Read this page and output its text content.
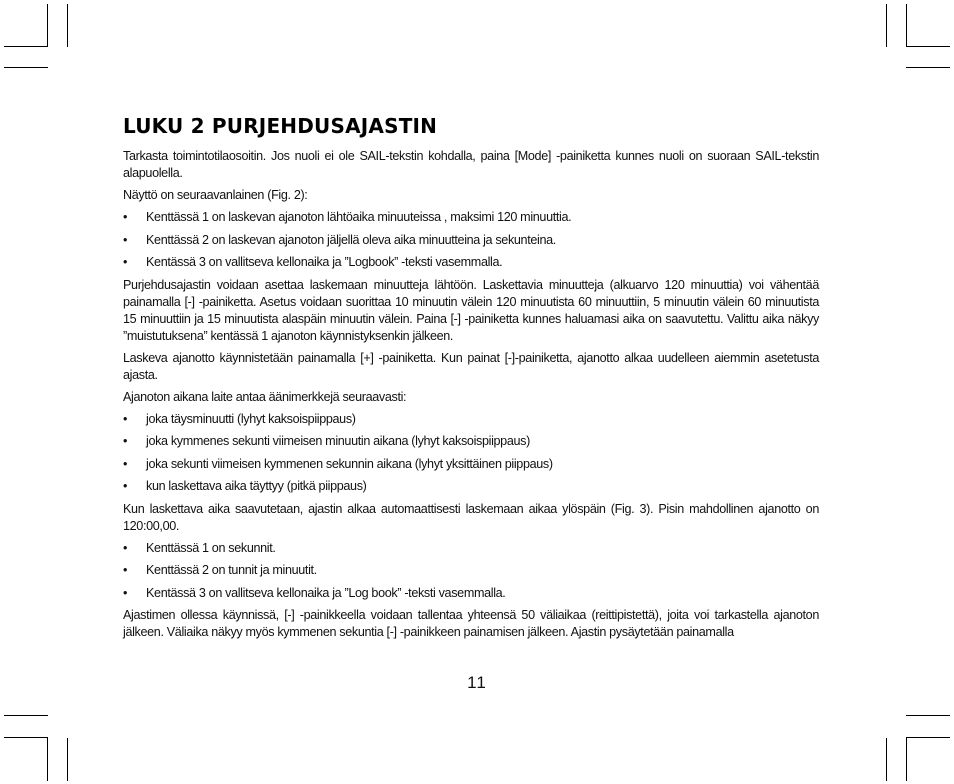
LUKU 2 PURJEHDUSAJASTIN

Tarkasta toimintotilaosoitin. Jos nuoli ei ole SAIL-tekstin kohdalla, paina [Mode] -painiketta kunnes nuoli on suoraan SAIL-tekstin alapuolella.

Näyttö on seuraavanlainen (Fig. 2):

• Kenttässä 1 on laskevan ajanoton lähtöaika minuuteissa , maksimi 120 minuuttia.
• Kenttässä 2 on laskevan ajanoton jäljellä oleva aika minuutteina ja sekunteina.
• Kentässä 3 on vallitseva kellonaika ja ”Logbook” -teksti vasemmalla.

Purjehdusajastin voidaan asettaa laskemaan minuutteja lähtöön. Laskettavia minuutteja (alkuarvo 120 minuuttia) voi vähentää painamalla [-] -painiketta. Asetus voidaan suorittaa 10 minuutin välein 120 minuutista 60 minuuttiin, 5 minuutin välein 60 minuutista 15 minuuttiin ja 15 minuutista alaspäin minuutin välein. Paina [-] -painiketta kunnes haluamasi aika on saavutettu. Valittu aika näkyy ”muistutuksena” kentässä 1 ajanoton käynnistyksenkin jälkeen.

Laskeva ajanotto käynnistetään painamalla [+] -painiketta. Kun painat [-]-painiketta, ajanotto alkaa uudelleen aiemmin asetetusta ajasta.

Ajanoton aikana laite antaa äänimerkkejä seuraavasti:

• joka täysminuutti (lyhyt kaksoispiippaus)
• joka kymmenes sekunti viimeisen minuutin aikana (lyhyt kaksoispiippaus)
• joka sekunti viimeisen kymmenen sekunnin aikana (lyhyt yksittäinen piippaus)
• kun laskettava aika täyttyy (pitkä piippaus)

Kun laskettava aika saavutetaan, ajastin alkaa automaattisesti laskemaan aikaa ylöspäin (Fig. 3). Pisin mahdollinen ajanotto on 120:00,00.

• Kenttässä 1 on sekunnit.
• Kenttässä 2 on tunnit ja minuutit.
• Kentässä 3 on vallitseva kellonaika ja ”Log book” -teksti vasemmalla.

Ajastimen ollessa käynnissä, [-] -painikkeella voidaan tallentaa yhteensä 50 väliaikaa (reittipistettä), joita voi tarkastella ajanoton jälkeen. Väliaika näkyy myös kymmenen sekuntia [-] -painikkeen painamisen jälkeen. Ajastin pysäytetään painamalla

11
